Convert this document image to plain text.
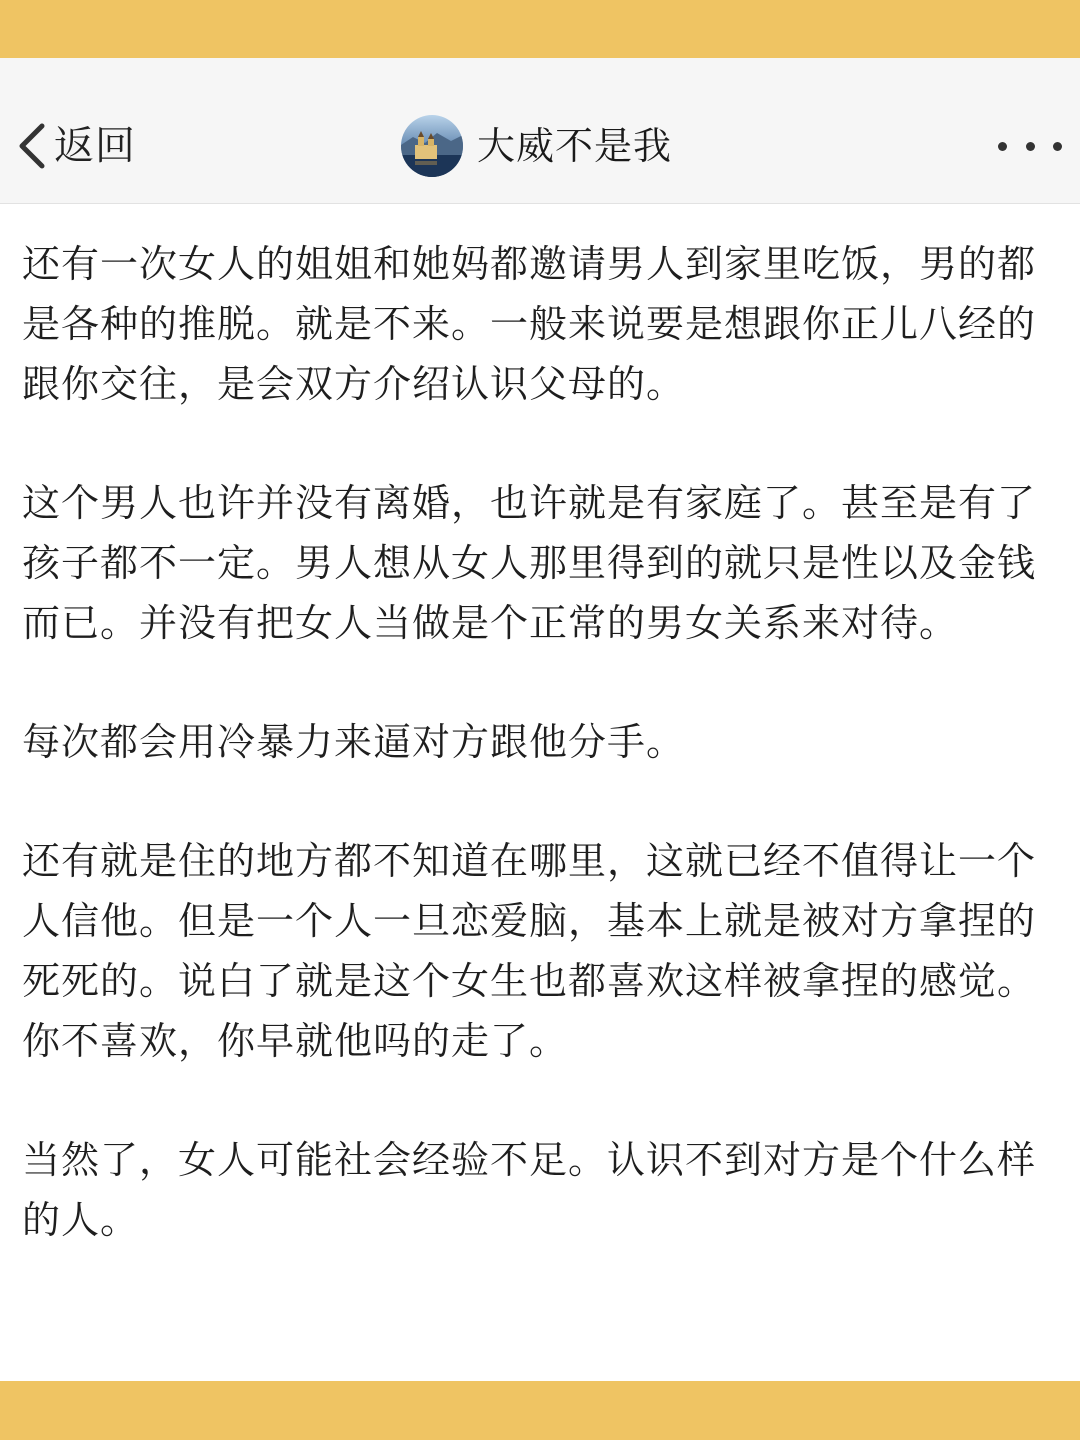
返回	大威不是我

还有一次女人的姐姐和她妈都邀请男人到家里吃饭，男的都是各种的推脱。就是不来。一般来说要是想跟你正儿八经的跟你交往，是会双方介绍认识父母的。

这个男人也许并没有离婚，也许就是有家庭了。甚至是有了孩子都不一定。男人想从女人那里得到的就只是性以及金钱而已。并没有把女人当做是个正常的男女关系来对待。

每次都会用冷暴力来逼对方跟他分手。

还有就是住的地方都不知道在哪里，这就已经不值得让一个人信他。但是一个人一旦恋爱脑，基本上就是被对方拿捏的死死的。说白了就是这个女生也都喜欢这样被拿捏的感觉。你不喜欢，你早就他吗的走了。

当然了，女人可能社会经验不足。认识不到对方是个什么样的人。
